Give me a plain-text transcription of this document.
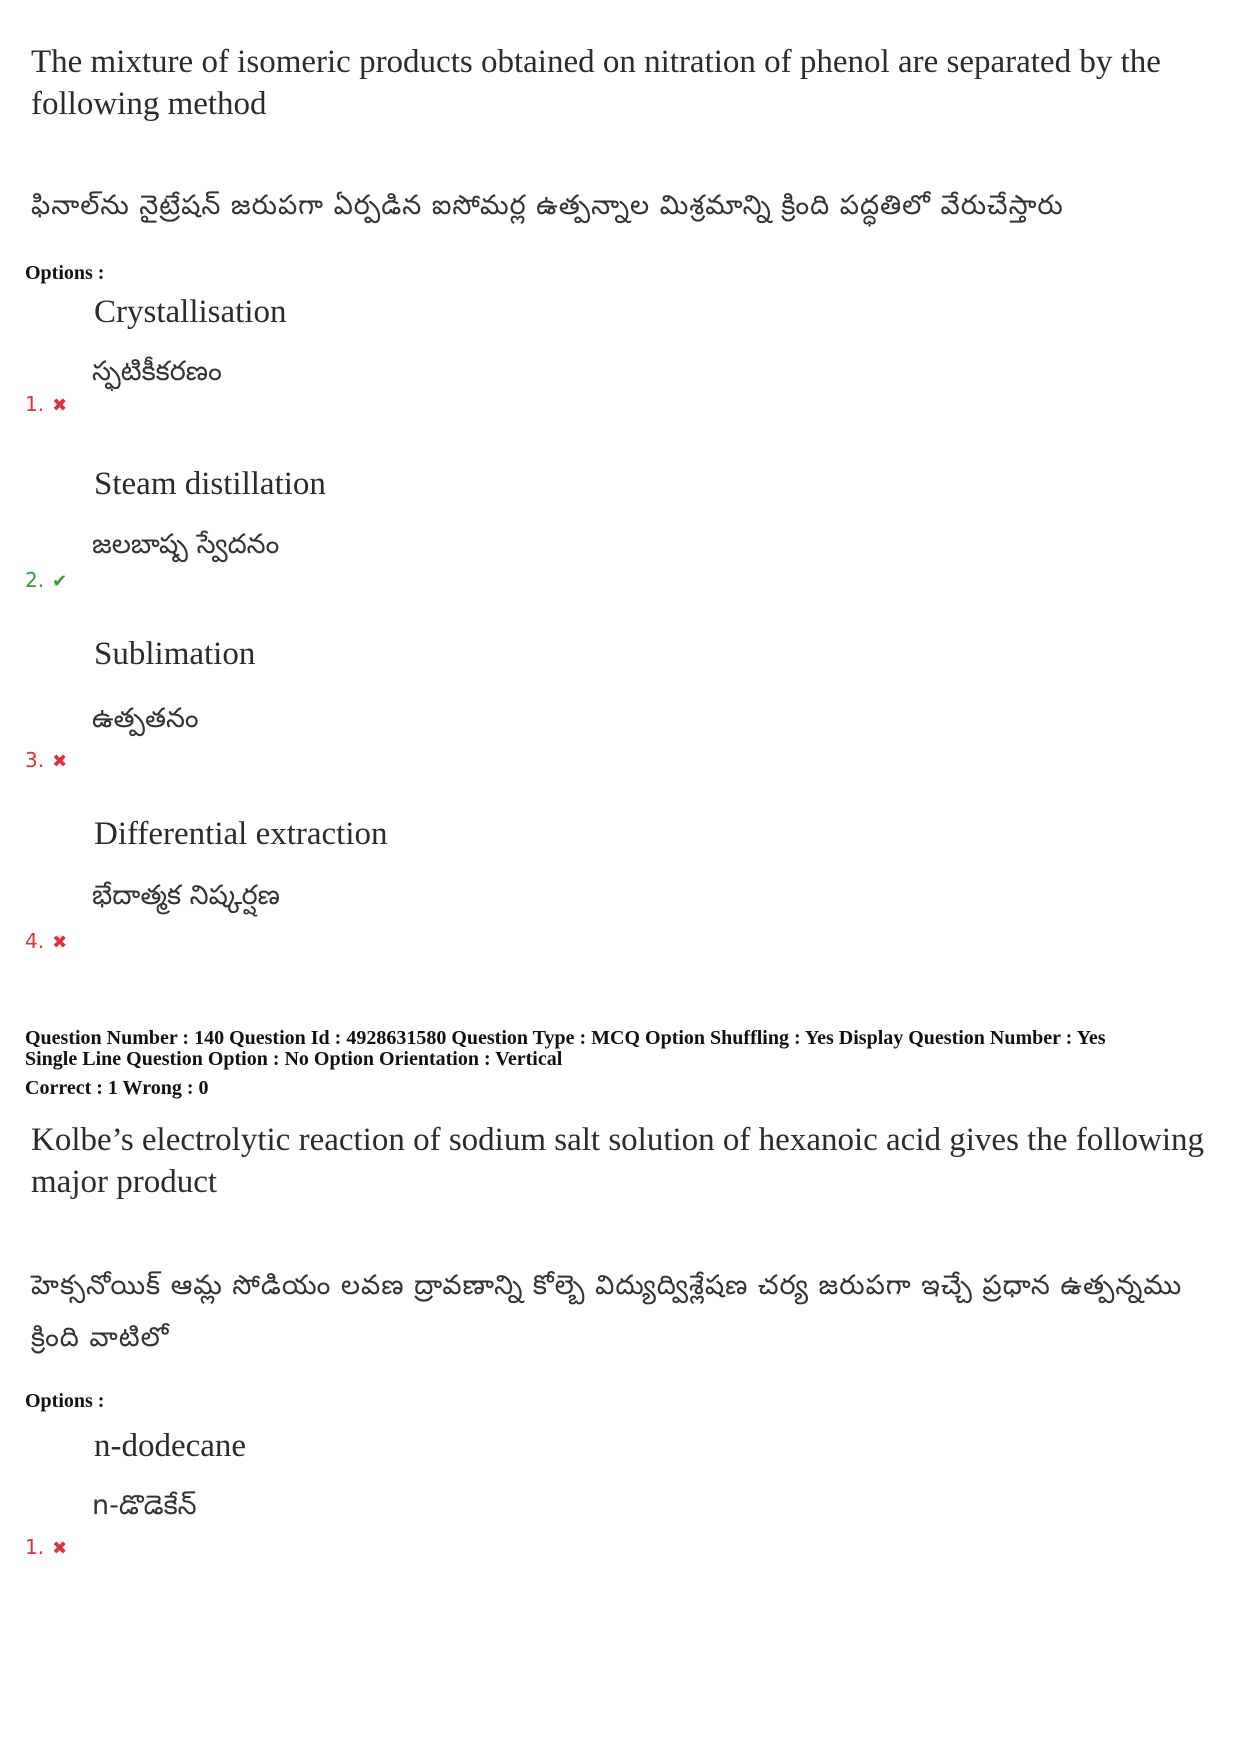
The mixture of isomeric products obtained on nitration of phenol are separated by the following method
ఫినాల్‌ను నైట్రేషన్ జరుపగా ఏర్పడిన ఐసోమర్ల ఉత్పన్నాల మిశ్రమాన్ని క్రింది పద్ధతిలో వేరుచేస్తారు
Options :
Crystallisation
స్ఫటికీకరణం
1. ✖
Steam distillation
జలబాష్ప స్వేదనం
2. ✔
Sublimation
ఉత్పతనం
3. ✖
Differential extraction
భేదాత్మక నిష్కర్షణ
4. ✖
Question Number : 140 Question Id : 4928631580 Question Type : MCQ Option Shuffling : Yes Display Question Number : Yes
Single Line Question Option : No Option Orientation : Vertical
Correct : 1 Wrong : 0
Kolbe’s electrolytic reaction of sodium salt solution of hexanoic acid gives the following major product
హెక్సనోయిక్ ఆమ్ల సోడియం లవణ ద్రావణాన్ని కోల్బె విద్యుద్విశ్లేషణ చర్య జరుపగా ఇచ్చే ప్రధాన ఉత్పన్నము క్రింది వాటిలో
Options :
n-dodecane
n-డొడెకేన్
1. ✖
